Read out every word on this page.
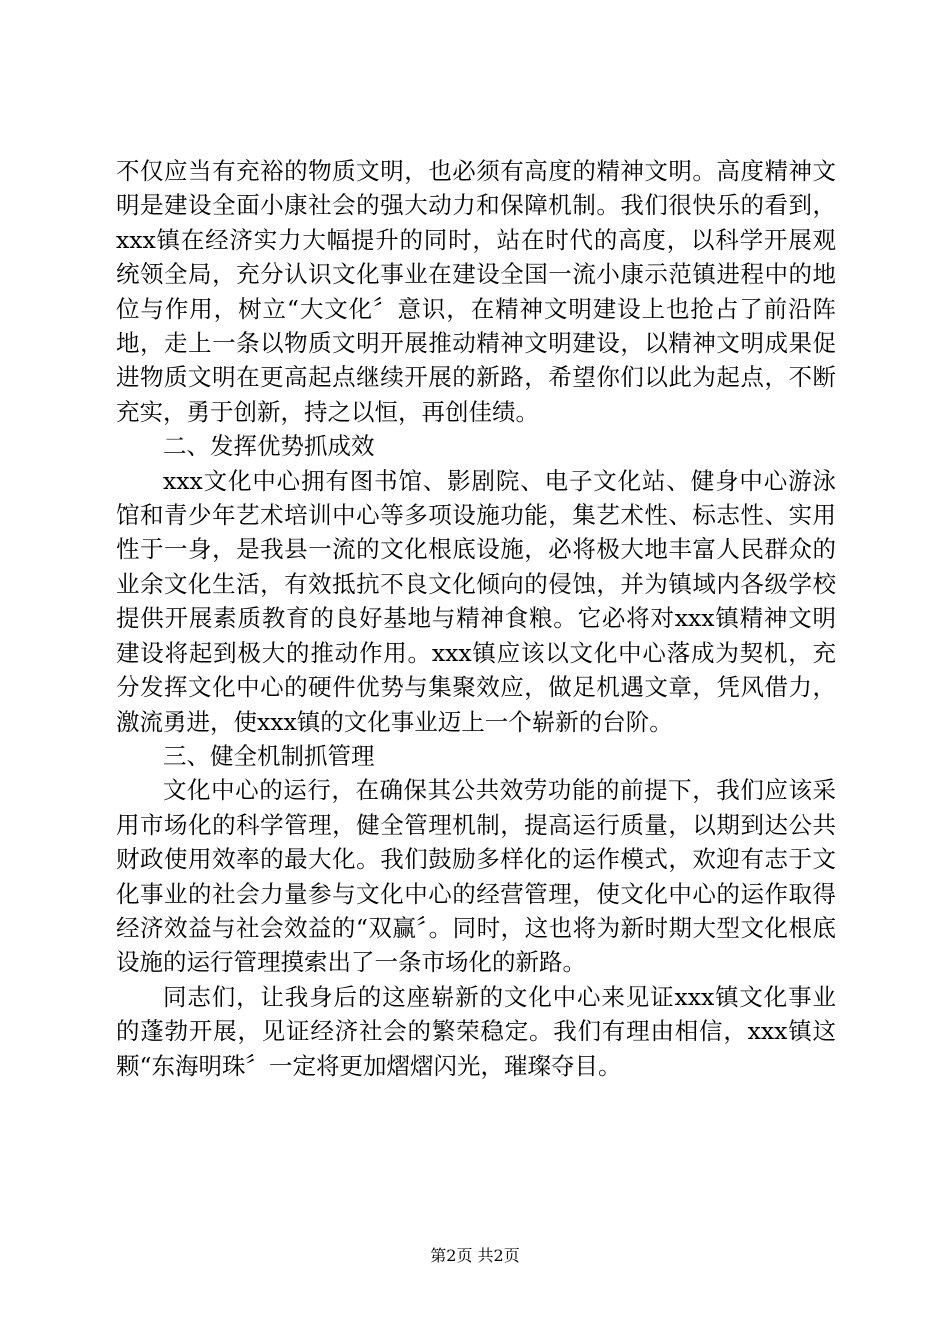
不仅应当有充裕的物质文明，也必须有高度的精神文明。高度精神文明是建设全面小康社会的强大动力和保障机制。我们很快乐的看到，xxx镇在经济实力大幅提升的同时，站在时代的高度，以科学开展观统领全局，充分认识文化事业在建设全国一流小康示范镇进程中的地位与作用，树立“大文化〞意识，在精神文明建设上也抢占了前沿阵地，走上一条以物质文明开展推动精神文明建设，以精神文明成果促进物质文明在更高起点继续开展的新路，希望你们以此为起点，不断充实，勇于创新，持之以恒，再创佳绩。

二、发挥优势抓成效

xxx文化中心拥有图书馆、影剧院、电子文化站、健身中心游泳馆和青少年艺术培训中心等多项设施功能，集艺术性、标志性、实用性于一身，是我县一流的文化根底设施，必将极大地丰富人民群众的业余文化生活，有效抵抗不良文化倾向的侵蚀，并为镇域内各级学校提供开展素质教育的良好基地与精神食粮。它必将对xxx镇精神文明建设将起到极大的推动作用。xxx镇应该以文化中心落成为契机，充分发挥文化中心的硬件优势与集聚效应，做足机遇文章，凭风借力，激流勇进，使xxx镇的文化事业迈上一个崭新的台阶。

三、健全机制抓管理

文化中心的运行，在确保其公共效劳功能的前提下，我们应该采用市场化的科学管理，健全管理机制，提高运行质量，以期到达公共财政使用效率的最大化。我们鼓励多样化的运作模式，欢迎有志于文化事业的社会力量参与文化中心的经营管理，使文化中心的运作取得经济效益与社会效益的“双赢〞。同时，这也将为新时期大型文化根底设施的运行管理摸索出了一条市场化的新路。

同志们，让我身后的这座崭新的文化中心来见证xxx镇文化事业的蓬勃开展，见证经济社会的繁荣稳定。我们有理由相信，xxx镇这颗“东海明珠〞一定将更加熠熠闪光，璀璨夺目。

第2页 共2页
